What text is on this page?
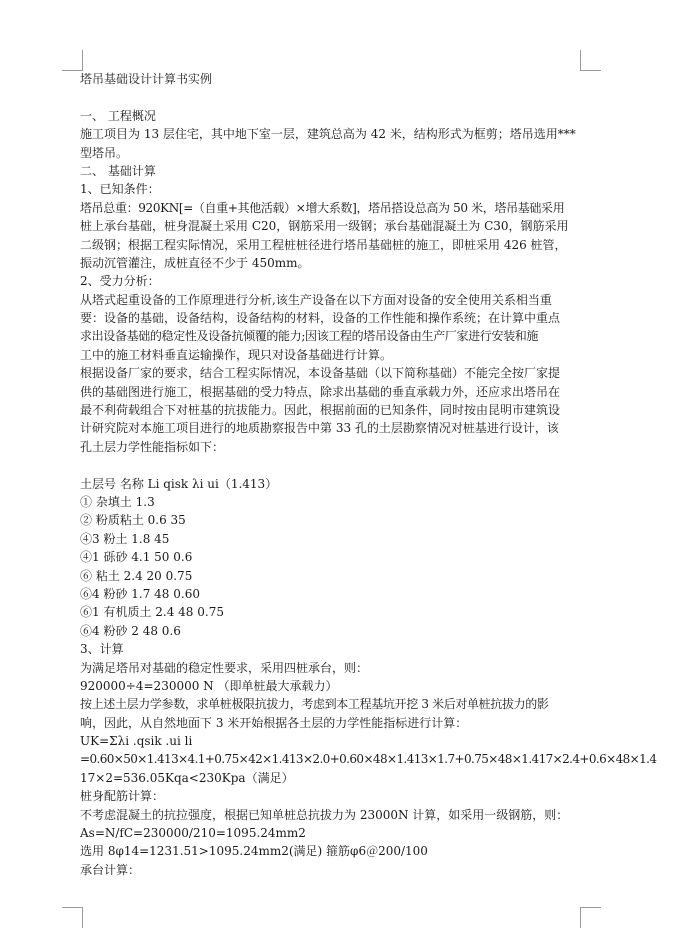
塔吊基础设计计算书实例
一、 工程概况
施工项目为 13 层住宅，其中地下室一层，建筑总高为 42 米，结构形式为框剪；塔吊选用***
型塔吊。
二、 基础计算
1、已知条件：
塔吊总重：920KN[=（自重+其他活载）×增大系数]，塔吊搭设总高为 50 米，塔吊基础采用
桩上承台基础，桩身混凝土采用 C20，钢筋采用一级钢；承台基础混凝土为 C30，钢筋采用
二级钢；根据工程实际情况，采用工程桩桩径进行塔吊基础桩的施工，即桩采用 426 桩管，
振动沉管灌注，成桩直径不少于 450mm。
2、受力分析：
从塔式起重设备的工作原理进行分析,该生产设备在以下方面对设备的安全使用关系相当重
要：设备的基础，设备结构，设备结构的材料，设备的工作性能和操作系统；在计算中重点
求出设备基础的稳定性及设备抗倾覆的能力;因该工程的塔吊设备由生产厂家进行安装和施
工中的施工材料垂直运输操作，现只对设备基础进行计算。
根据设备厂家的要求，结合工程实际情况，本设备基础（以下简称基础）不能完全按厂家提
供的基础图进行施工，根据基础的受力特点，除求出基础的垂直承载力外，还应求出塔吊在
最不利荷载组合下对桩基的抗拔能力。因此，根据前面的已知条件，同时按由昆明市建筑设
计研究院对本施工项目进行的地质勘察报告中第 33 孔的土层勘察情况对桩基进行设计，该
孔土层力学性能指标如下：
土层号 名称 Li qisk λi ui（1.413）
① 杂填土 1.3
② 粉质粘土 0.6 35
④3 粉土 1.8 45
④1 砾砂 4.1 50 0.6
⑥ 粘土 2.4 20 0.75
⑥4 粉砂 1.7 48 0.60
⑥1 有机质土 2.4 48 0.75
⑥4 粉砂 2 48 0.6
3、计算
为满足塔吊对基础的稳定性要求，采用四桩承台，则：
920000÷4=230000 N （即单桩最大承载力）
按上述土层力学参数，求单桩极限抗拔力，考虑到本工程基坑开挖 3 米后对单桩抗拔力的影
响，因此，从自然地面下 3 米开始根据各土层的力学性能指标进行计算：
UK=Σλi .qsik .ui li
=0.60×50×1.413×4.1+0.75×42×1.413×2.0+0.60×48×1.413×1.7+0.75×48×1.417×2.4+0.6×48×1.4
17×2=536.05Kqa<230Kpa（满足）
桩身配筋计算：
不考虑混凝土的抗拉强度，根据已知单桩总抗拔力为 23000N 计算，如采用一级钢筋，则：
As=N/fC=230000/210=1095.24mm2
选用 8φ14=1231.51>1095.24mm2(满足) 箍筋φ6＠200/100
承台计算：
